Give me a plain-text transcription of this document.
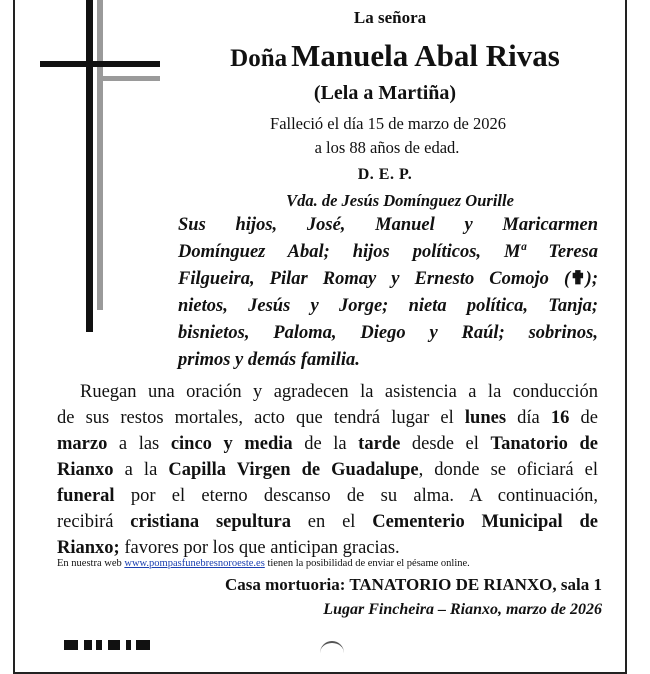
La señora
Doña Manuela Abal Rivas
(Lela a Martiña)
Falleció el día 15 de marzo de 2026
a los 88 años de edad.
D. E. P.
Vda. de Jesús Domínguez Ourille
Sus hijos, José, Manuel y Maricarmen
Domínguez Abal; hijos políticos, Mª Teresa
Filgueira, Pilar Romay y Ernesto Comojo (✟);
nietos, Jesús y Jorge; nieta política, Tanja;
bisnietos, Paloma, Diego y Raúl; sobrinos,
primos y demás familia.
Ruegan una oración y agradecen la asistencia a la conducción
de sus restos mortales, acto que tendrá lugar el lunes día 16 de
marzo a las cinco y media de la tarde desde el Tanatorio de
Rianxo a la Capilla Virgen de Guadalupe, donde se oficiará el
funeral por el eterno descanso de su alma. A continuación,
recibirá cristiana sepultura en el Cementerio Municipal de
Rianxo; favores por los que anticipan gracias.
En nuestra web www.pompasfunebresnoroeste.es tienen la posibilidad de enviar el pésame online.
Casa mortuoria: TANATORIO DE RIANXO, sala 1
Lugar Fincheira – Rianxo, marzo de 2026
